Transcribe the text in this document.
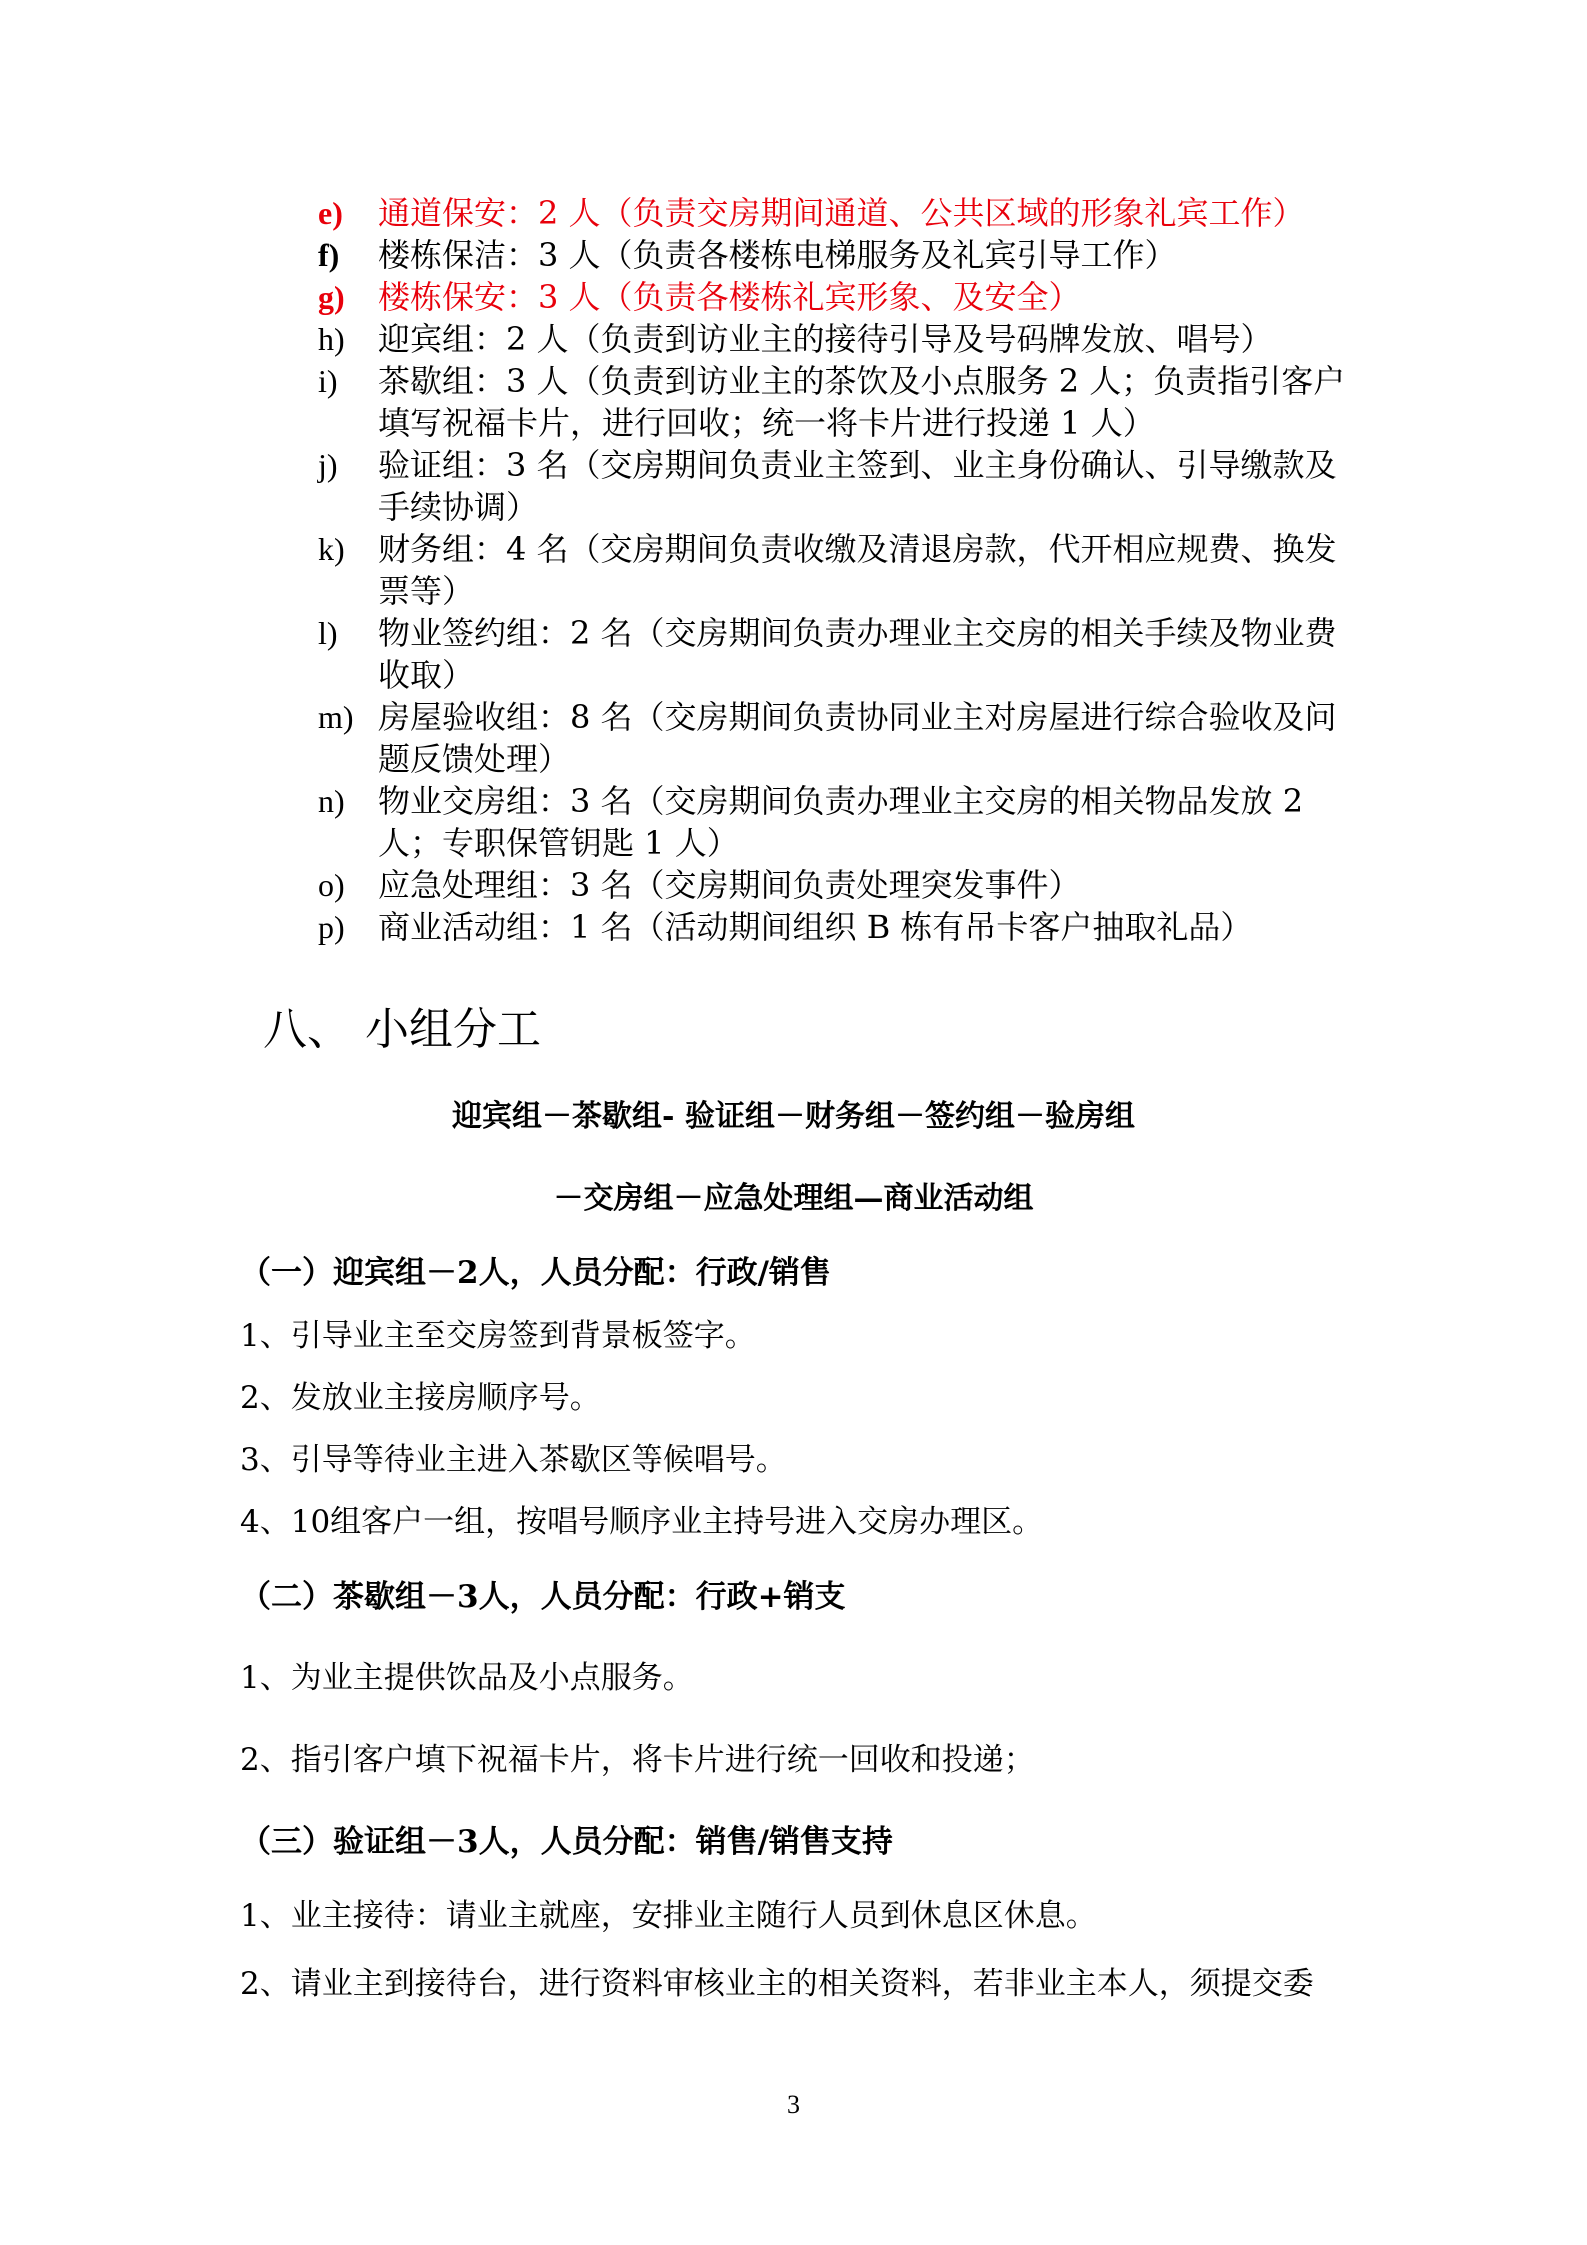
e)	通道保安：2 人（负责交房期间通道、公共区域的形象礼宾工作）
f)	楼栋保洁：3 人（负责各楼栋电梯服务及礼宾引导工作）
g)	楼栋保安：3 人（负责各楼栋礼宾形象、及安全）
h)	迎宾组：2 人（负责到访业主的接待引导及号码牌发放、唱号）
i)	茶歇组：3 人（负责到访业主的茶饮及小点服务 2 人；负责指引客户填写祝福卡片，进行回收；统一将卡片进行投递 1 人）
j)	验证组：3 名（交房期间负责业主签到、业主身份确认、引导缴款及手续协调）
k)	财务组：4 名（交房期间负责收缴及清退房款，代开相应规费、换发票等）
l)	物业签约组：2 名（交房期间负责办理业主交房的相关手续及物业费收取）
m) 房屋验收组：8 名（交房期间负责协同业主对房屋进行综合验收及问题反馈处理）
n)	物业交房组：3 名（交房期间负责办理业主交房的相关物品发放 2 人；专职保管钥匙 1 人）
o)	应急处理组：3 名（交房期间负责处理突发事件）
p)	商业活动组：1 名（活动期间组织 B 栋有吊卡客户抽取礼品）
八、 小组分工
迎宾组－茶歇组- 验证组－财务组－签约组－验房组
－交房组－应急处理组—商业活动组
（一）迎宾组－2人，人员分配：行政/销售
1、引导业主至交房签到背景板签字。
2、发放业主接房顺序号。
3、引导等待业主进入茶歇区等候唱号。
4、10组客户一组，按唱号顺序业主持号进入交房办理区。
（二）茶歇组－3人，人员分配：行政+销支
1、为业主提供饮品及小点服务。
2、指引客户填下祝福卡片，将卡片进行统一回收和投递；
（三）验证组－3人，人员分配：销售/销售支持
1、业主接待：请业主就座，安排业主随行人员到休息区休息。
2、请业主到接待台，进行资料审核业主的相关资料，若非业主本人，须提交委
3
